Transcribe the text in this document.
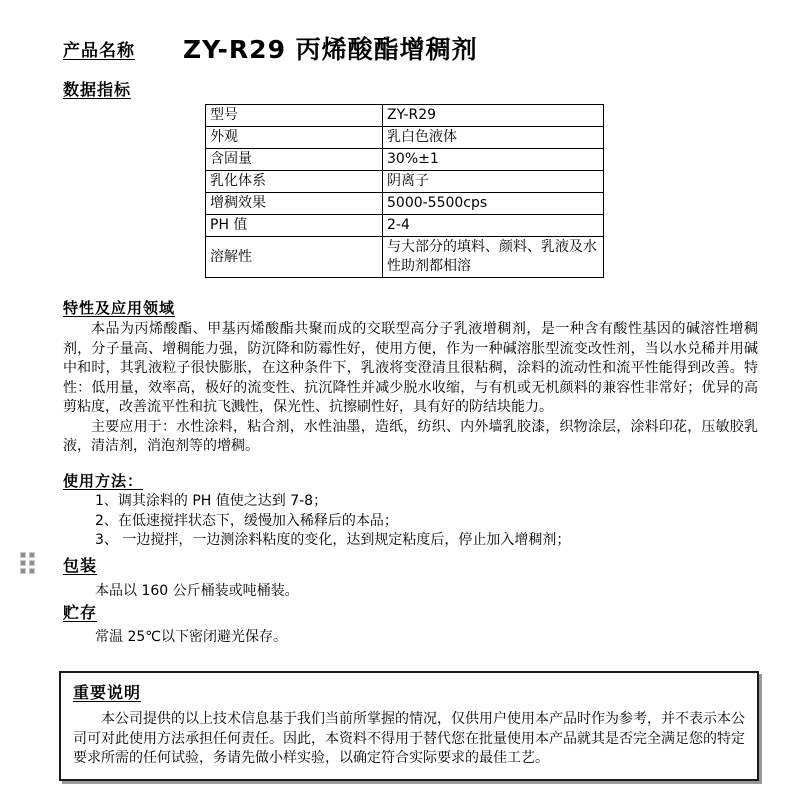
产品名称 ZY-R29 丙烯酸酯增稠剂
数据指标
型号	ZY-R29
外观	乳白色液体
含固量	30%±1
乳化体系	阴离子
增稠效果	5000-5500cps
PH 值	2-4
溶解性	与大部分的填料、颜料、乳液及水性助剂都相溶
特性及应用领域

本品为丙烯酸酯、甲基丙烯酸酯共聚而成的交联型高分子乳液增稠剂，是一种含有酸性基因的碱溶性增稠剂，分子量高、增稠能力强，防沉降和防霉性好，使用方便，作为一种碱溶胀型流变改性剂，当以水兑稀并用碱中和时，其乳液粒子很快膨胀，在这种条件下，乳液将变澄清且很粘稠，涂料的流动性和流平性能得到改善。特性：低用量，效率高，极好的流变性、抗沉降性并减少脱水收缩，与有机或无机颜料的兼容性非常好；优异的高剪粘度，改善流平性和抗飞溅性，保光性、抗擦刷性好，具有好的防结块能力。

主要应用于：水性涂料，粘合剂，水性油墨，造纸，纺织、内外墙乳胶漆，织物涂层，涂料印花，压敏胶乳液，清洁剂，消泡剂等的增稠。

使用方法：
1、调其涂料的 PH 值使之达到 7-8；
2、在低速搅拌状态下，缓慢加入稀释后的本品；
3、 一边搅拌，一边测涂料粘度的变化，达到规定粘度后，停止加入增稠剂；
包装
本品以 160 公斤桶装或吨桶装。
贮存
常温 25℃以下密闭避光保存。
重要说明

本公司提供的以上技术信息基于我们当前所掌握的情况，仅供用户使用本产品时作为参考，并不表示本公司可对此使用方法承担任何责任。因此，本资料不得用于替代您在批量使用本产品就其是否完全满足您的特定要求所需的任何试验，务请先做小样实验，以确定符合实际要求的最佳工艺。
